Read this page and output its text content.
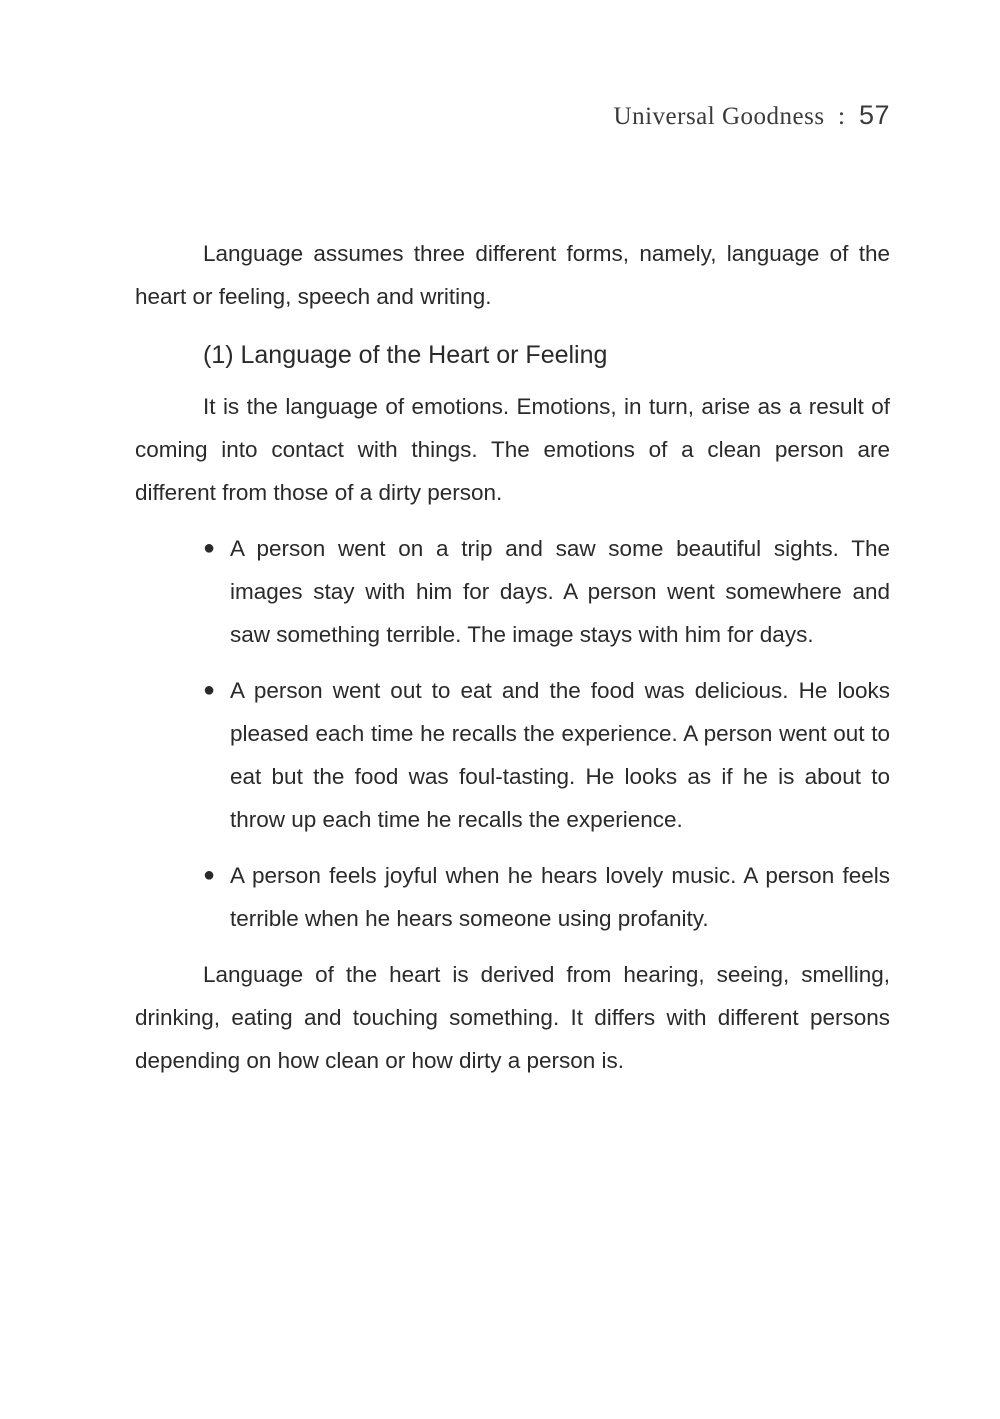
Universal Goodness : 57

Language assumes three different forms, namely, language of the heart or feeling, speech and writing.

(1) Language of the Heart or Feeling

It is the language of emotions. Emotions, in turn, arise as a result of coming into contact with things. The emotions of a clean person are different from those of a dirty person.

● A person went on a trip and saw some beautiful sights. The images stay with him for days. A person went somewhere and saw something terrible. The image stays with him for days.
● A person went out to eat and the food was delicious. He looks pleased each time he recalls the experience. A person went out to eat but the food was foul-tasting. He looks as if he is about to throw up each time he recalls the experience.
● A person feels joyful when he hears lovely music. A person feels terrible when he hears someone using profanity.

Language of the heart is derived from hearing, seeing, smelling, drinking, eating and touching something. It differs with different persons depending on how clean or how dirty a person is.
